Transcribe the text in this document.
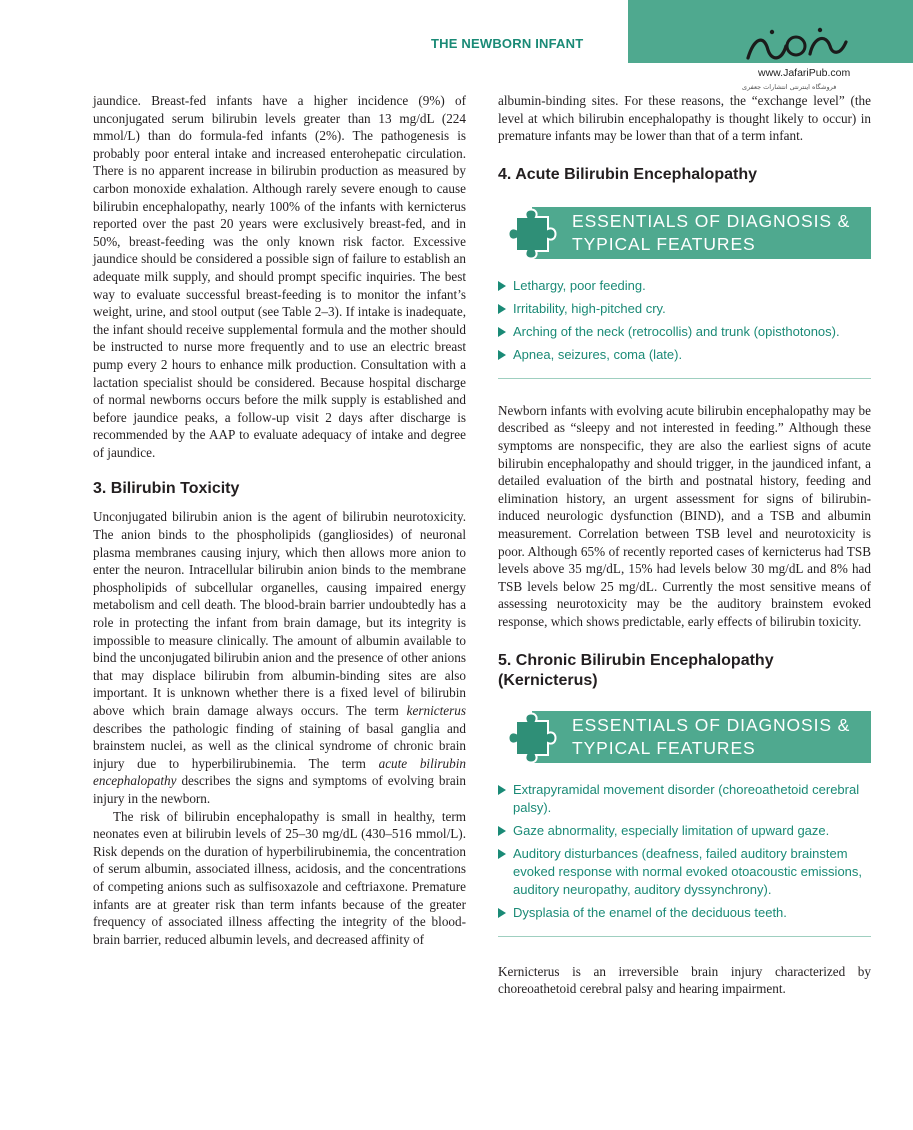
THE NEWBORN INFANT
www.JafariPub.com
فروشگاه اینترنتی انتشارات جعفری

jaundice. Breast-fed infants have a higher incidence (9%) of unconjugated serum bilirubin levels greater than 13 mg/dL (224 mmol/L) than do formula-fed infants (2%). The pathogenesis is probably poor enteral intake and increased enterohepatic circulation. There is no apparent increase in bilirubin production as measured by carbon monoxide exhalation. Although rarely severe enough to cause bilirubin encephalopathy, nearly 100% of the infants with kernicterus reported over the past 20 years were exclusively breast-fed, and in 50%, breast-feeding was the only known risk factor. Excessive jaundice should be considered a possible sign of failure to establish an adequate milk supply, and should prompt specific inquiries. The best way to evaluate successful breast-feeding is to monitor the infant’s weight, urine, and stool output (see Table 2–3). If intake is inadequate, the infant should receive supplemental formula and the mother should be instructed to nurse more frequently and to use an electric breast pump every 2 hours to enhance milk production. Consultation with a lactation specialist should be considered. Because hospital discharge of normal newborns occurs before the milk supply is established and before jaundice peaks, a follow-up visit 2 days after discharge is recommended by the AAP to evaluate adequacy of intake and degree of jaundice.

3. Bilirubin Toxicity

Unconjugated bilirubin anion is the agent of bilirubin neurotoxicity. The anion binds to the phospholipids (gangliosides) of neuronal plasma membranes causing injury, which then allows more anion to enter the neuron. Intracellular bilirubin anion binds to the membrane phospholipids of subcellular organelles, causing impaired energy metabolism and cell death. The blood-brain barrier undoubtedly has a role in protecting the infant from brain damage, but its integrity is impossible to measure clinically. The amount of albumin available to bind the unconjugated bilirubin anion and the presence of other anions that may displace bilirubin from albumin-binding sites are also important. It is unknown whether there is a fixed level of bilirubin above which brain damage always occurs. The term kernicterus describes the pathologic finding of staining of basal ganglia and brainstem nuclei, as well as the clinical syndrome of chronic brain injury due to hyperbilirubinemia. The term acute bilirubin encephalopathy describes the signs and symptoms of evolving brain injury in the newborn.

The risk of bilirubin encephalopathy is small in healthy, term neonates even at bilirubin levels of 25–30 mg/dL (430–516 mmol/L). Risk depends on the duration of hyperbilirubinemia, the concentration of serum albumin, associated illness, acidosis, and the concentrations of competing anions such as sulfisoxazole and ceftriaxone. Premature infants are at greater risk than term infants because of the greater frequency of associated illness affecting the integrity of the blood-brain barrier, reduced albumin levels, and decreased affinity of

albumin-binding sites. For these reasons, the “exchange level” (the level at which bilirubin encephalopathy is thought likely to occur) in premature infants may be lower than that of a term infant.

4. Acute Bilirubin Encephalopathy
ESSENTIALS OF DIAGNOSIS &
TYPICAL FEATURES
Lethargy, poor feeding.
Irritability, high-pitched cry.
Arching of the neck (retrocollis) and trunk (opisthotonos).
Apnea, seizures, coma (late).

Newborn infants with evolving acute bilirubin encephalopathy may be described as “sleepy and not interested in feeding.” Although these symptoms are nonspecific, they are also the earliest signs of acute bilirubin encephalopathy and should trigger, in the jaundiced infant, a detailed evaluation of the birth and postnatal history, feeding and elimination history, an urgent assessment for signs of bilirubin-induced neurologic dysfunction (BIND), and a TSB and albumin measurement. Correlation between TSB level and neurotoxicity is poor. Although 65% of recently reported cases of kernicterus had TSB levels above 35 mg/dL, 15% had levels below 30 mg/dL and 8% had TSB levels below 25 mg/dL. Currently the most sensitive means of assessing neurotoxicity may be the auditory brainstem evoked response, which shows predictable, early effects of bilirubin toxicity.

5. Chronic Bilirubin Encephalopathy
(Kernicterus)
ESSENTIALS OF DIAGNOSIS &
TYPICAL FEATURES
Extrapyramidal movement disorder (choreoathetoid cerebral palsy).
Gaze abnormality, especially limitation of upward gaze.
Auditory disturbances (deafness, failed auditory brainstem evoked response with normal evoked otoacoustic emissions, auditory neuropathy, auditory dyssynchrony).
Dysplasia of the enamel of the deciduous teeth.

Kernicterus is an irreversible brain injury characterized by choreoathetoid cerebral palsy and hearing impairment.
